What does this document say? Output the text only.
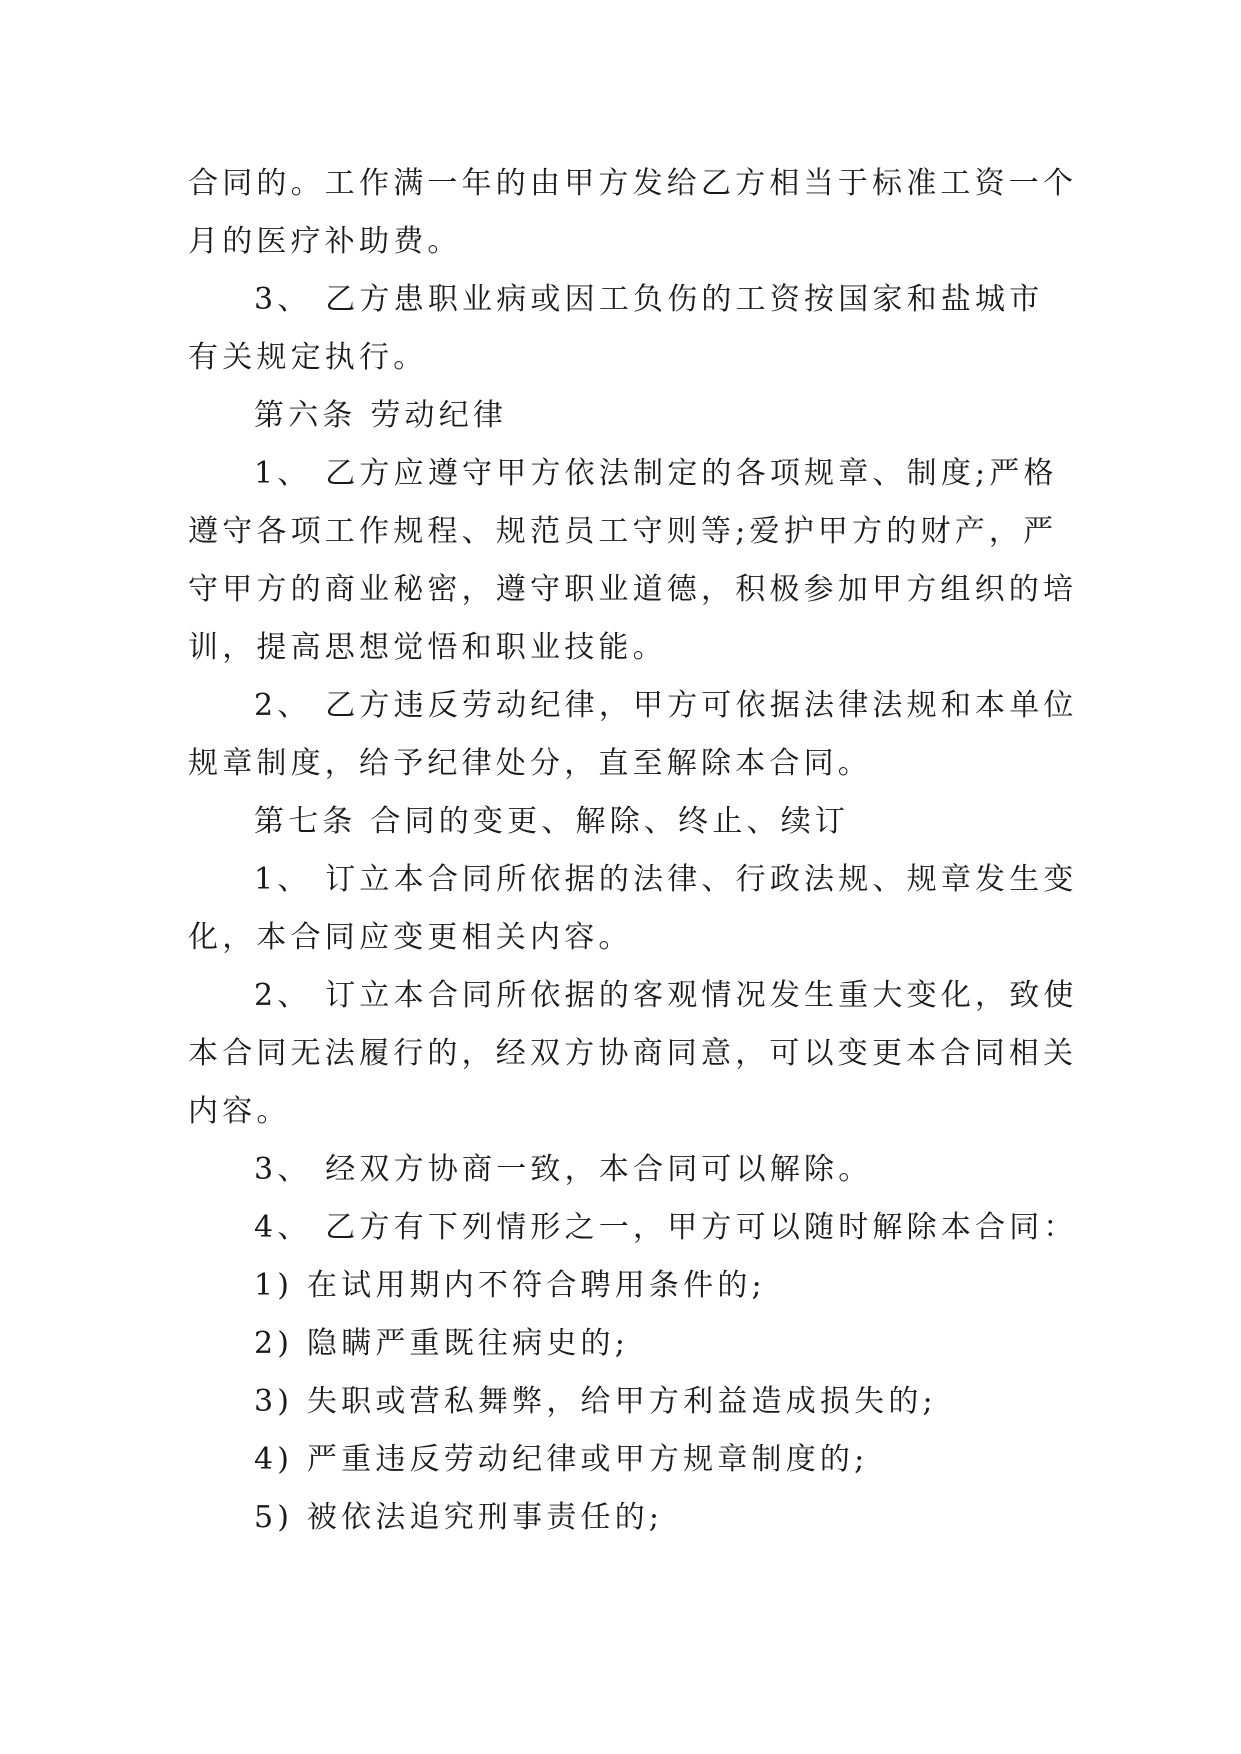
合同的。工作满一年的由甲方发给乙方相当于标准工资一个
月的医疗补助费。
3、 乙方患职业病或因工负伤的工资按国家和盐城市
有关规定执行。
第六条 劳动纪律
1、 乙方应遵守甲方依法制定的各项规章、制度;严格
遵守各项工作规程、规范员工守则等;爱护甲方的财产，严
守甲方的商业秘密，遵守职业道德，积极参加甲方组织的培
训，提高思想觉悟和职业技能。
2、 乙方违反劳动纪律，甲方可依据法律法规和本单位
规章制度，给予纪律处分，直至解除本合同。
第七条 合同的变更、解除、终止、续订
1、 订立本合同所依据的法律、行政法规、规章发生变
化，本合同应变更相关内容。
2、 订立本合同所依据的客观情况发生重大变化，致使
本合同无法履行的，经双方协商同意，可以变更本合同相关
内容。
3、 经双方协商一致，本合同可以解除。
4、 乙方有下列情形之一，甲方可以随时解除本合同：
1) 在试用期内不符合聘用条件的;
2) 隐瞒严重既往病史的;
3) 失职或营私舞弊，给甲方利益造成损失的;
4) 严重违反劳动纪律或甲方规章制度的;
5) 被依法追究刑事责任的;
